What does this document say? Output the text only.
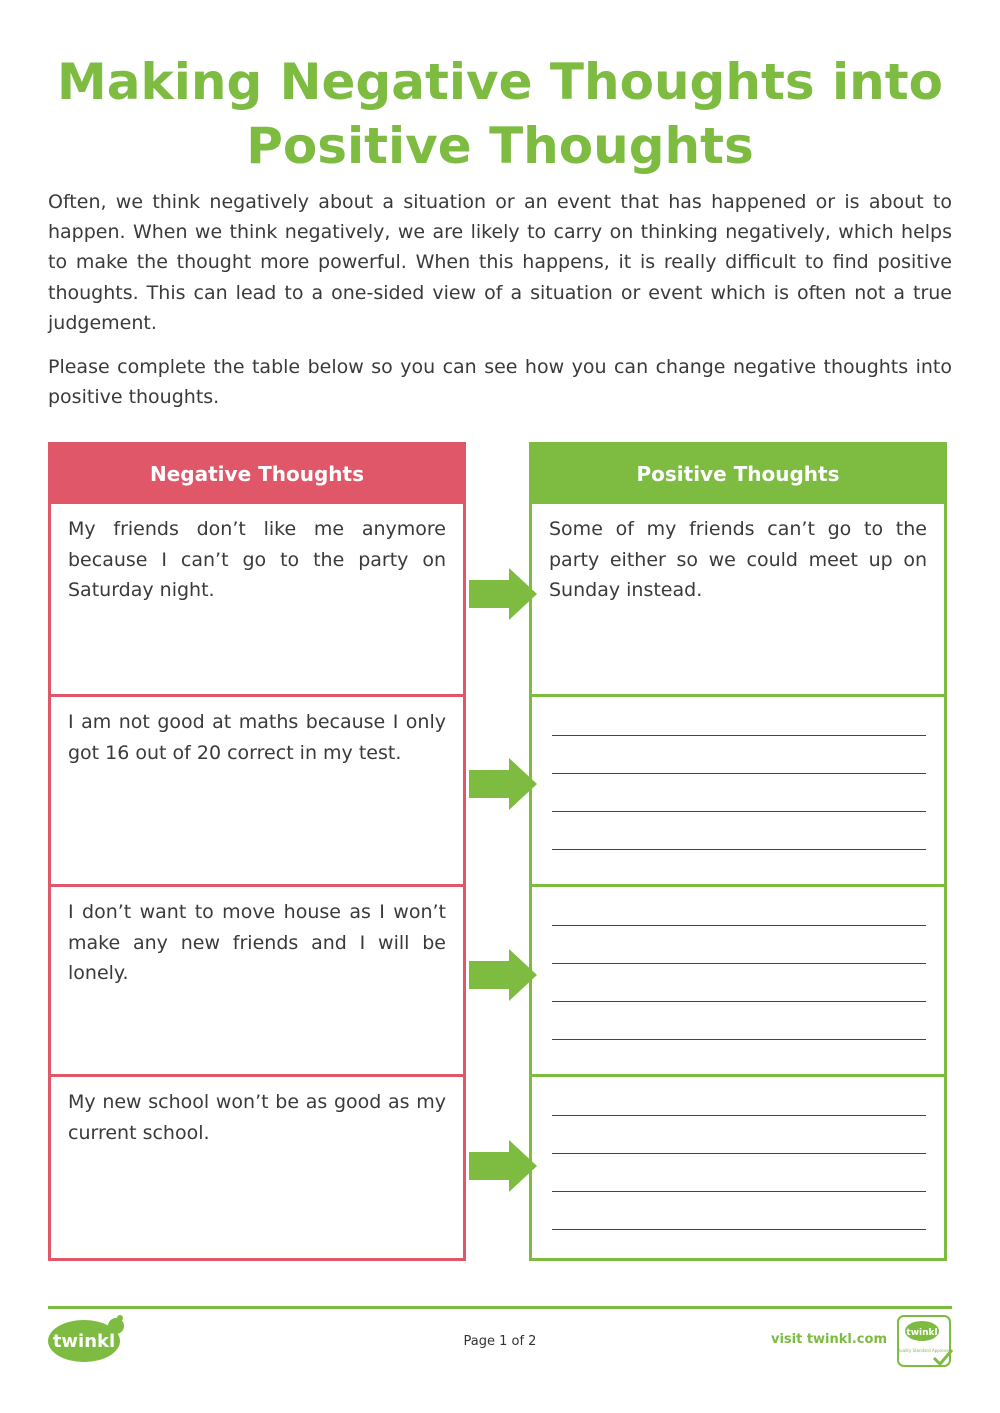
Making Negative Thoughts into
Positive Thoughts

Often, we think negatively about a situation or an event that has happened or is about to happen. When we think negatively, we are likely to carry on thinking negatively, which helps to make the thought more powerful. When this happens, it is really difficult to find positive thoughts. This can lead to a one-sided view of a situation or event which is often not a true judgement.

Please complete the table below so you can see how you can change negative thoughts into positive thoughts.

Negative Thoughts
My friends don’t like me anymore because I can’t go to the party on Saturday night.
I am not good at maths because I only got 16 out of 20 correct in my test.
I don’t want to move house as I won’t make any new friends and I will be lonely.
My new school won’t be as good as my current school.
Positive Thoughts
Some of my friends can’t go to the party either so we could meet up on Sunday instead.
twinkl	Page 1 of 2	visit twinkl.com twinkl
Quality Standard Approved
